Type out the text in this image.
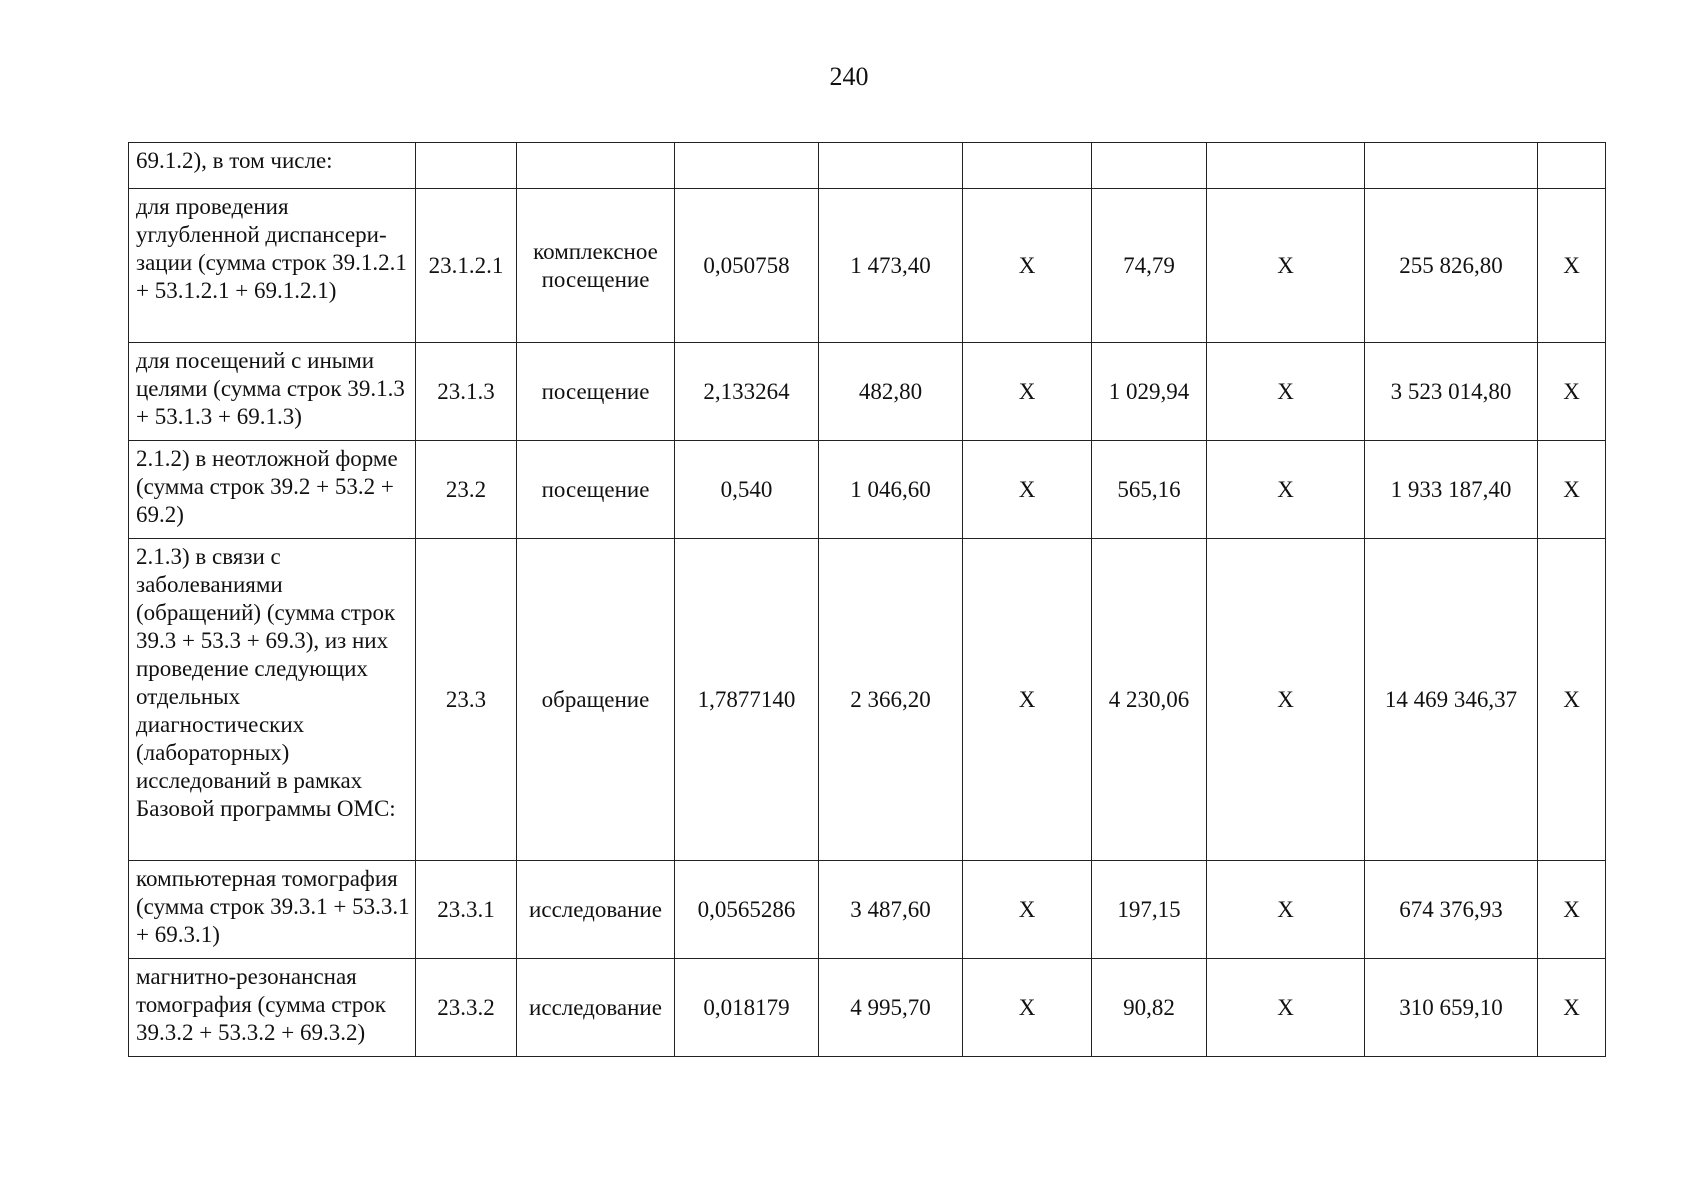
240
69.1.2), в том числе:									
для проведения углубленной диспансери-зации (сумма строк 39.1.2.1 + 53.1.2.1 + 69.1.2.1)	23.1.2.1	комплексное посещение	0,050758	1 473,40	X	74,79	X	255 826,80	X
для посещений с иными целями (сумма строк 39.1.3 + 53.1.3 + 69.1.3)	23.1.3	посещение	2,133264	482,80	X	1 029,94	X	3 523 014,80	X
2.1.2) в неотложной форме (сумма строк 39.2 + 53.2 + 69.2)	23.2	посещение	0,540	1 046,60	X	565,16	X	1 933 187,40	X
2.1.3) в связи с заболеваниями (обращений) (сумма строк 39.3 + 53.3 + 69.3), из них проведение следующих отдельных диагностических (лабораторных) исследований в рамках Базовой программы ОМС:	23.3	обращение	1,7877140	2 366,20	X	4 230,06	X	14 469 346,37	X
компьютерная томография (сумма строк 39.3.1 + 53.3.1 + 69.3.1)	23.3.1	исследование	0,0565286	3 487,60	X	197,15	X	674 376,93	X
магнитно-резонансная томография (сумма строк 39.3.2 + 53.3.2 + 69.3.2)	23.3.2	исследование	0,018179	4 995,70	X	90,82	X	310 659,10	X
